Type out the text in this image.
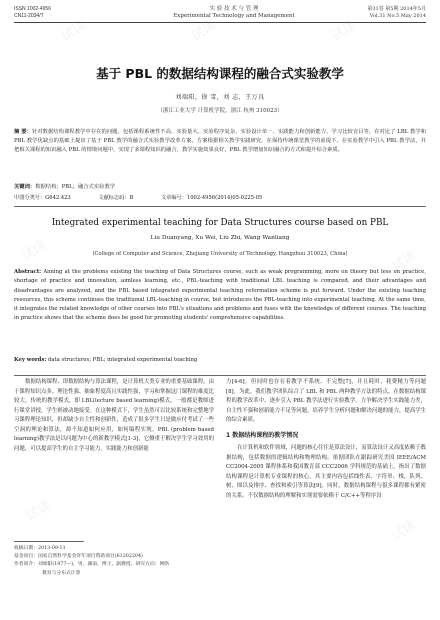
试读	试读	试读
试读	试读
试读
试读
ISSN 1002-4956
CN11-2034/T
实 验 技 术 与 管 理
Experimental Technology and Management
第31卷 第5期 2014年5月
Vol.31 No.5 May 2014
基于 PBL 的数据结构课程的融合式实验教学
刘端阳，徐 雪，刘 志，王万良
（浙江工业大学 计算机学院，浙江 杭州 310023）
摘 要：针对数据结构课程教学中存在的问题，包括课程系统性不高、实验量大、实验程序复杂、实验设计单一、实践能力和创新能力、学习比较盲目等，在对比了 LBL 教学和 PBL 教学优缺点的基础上提出了基于 PBL 教学的融合式实验教学改革方案。方案根据相关教学实践研究，在保持传统课堂教学的前提下，在实验教学中引入 PBL 教学法，并把相关课程的知识融入 PBL 的情境问题中，实现了多课程知识的融合，教学实施效果良好，PBL 教学增加知识融合的方式和提升综合素质。
关键词：数据结构；PBL；融合式实验教学
中图分类号：G642.423	文献标志码：B	文章编号：1002-4956(2014)05-0225-05
Integrated experimental teaching for Data Structures course based on PBL
Liu Duanyang, Xu Wei, Liu Zhi, Wang Wanliang
(College of Computer and Science, Zhejiang University of Technology, Hangzhou 310023, China)
Abstract: Aiming at the problems existing the teaching of Data Structures course, such as weak programming, more on theory but less on practice, shortage of practice and innovation, aimless learning, etc., PBL-teaching with traditional LBL teaching is compared, and their advantages and disadvantages are analyzed, and the PBL based integrated experimental teaching reformation scheme is put forward. Under the existing teaching resources, this scheme continues the traditional LBL-teaching in course, but introduces the PBL-teaching into experimental teaching. At the same time, it integrates the related knowledge of other courses into PBL's situations and problems and fuses with the knowledge of different courses. The teaching in practice shows that the scheme does be good for promoting students' comprehensive capabilities.
Key words: data structures; PBL; integrated experimental teaching

数据结构课程、即数据结构与算法课程，是计算机大类专业的重要基础课程。由于课程知识点多、理论性强、抽象程度高且实践性强，学习和掌握这门课程的难度比较大。传统的教学模式，即 LBL(lecture based learning)模式，一般都是教师进行课堂讲授，学生则被动地接受。在这种模式下，学生虽然可以比较系统和完整地学习课程理论知识，但却缺少自主性和创新性，造成了很多学生只是做应付考试了一些空洞的理论和算法，却不知道如何应用，如何编程实现。PBL (problem based learning)教学法是以问题为中心的新教学模式[1-3]，它侧重于解决学生学习效用的问题，可以提高学生的自主学习能力、实践能力和创新能

力[4-6]。但同时也存在着教学不系统、不完整[7]，并且耗时、耗费精力等问题[8]。为此，我们教学团队综合了 LBL 和 PBL 两种教学方法的特点，在数据结构课程的教学改革中，逐步引入 PBL 教学法进行实验教学，力争解决学生实践能力差，自主性不强和创新能力不足等问题，培养学生分析问题和解决问题的能力，提高学生的综合素质。

1 数据结构课程的教学情况

在计算机和软件领域，问题的核心往往是算法设计，而算法设计又高度依赖于数据结构，包括数据的逻辑结构和物理结构。依据团队在跟踪研究美国 IEEE/ACM CC2004-2005 课程体系和我国教育部 CCC2006 学科规范的基础上，指出了数据结构课程是计算机专业课程的核心，其主要内容包括线性表、字符串、栈、队列、树、图以及排序、查找和索引等算法[9]。同时，数据结构课程与很多课程都有紧密的关系，不仅数据结构的理解和实现需要依赖于 C/C++等程序设

收稿日期：2013-09-11
基金项目：国家自然科学基金青年项目资助项目(61202204)
作者简介：刘端阳(1977—)，男，湖南，博士，副教授，研究方向：网络
教育与分布式计算
